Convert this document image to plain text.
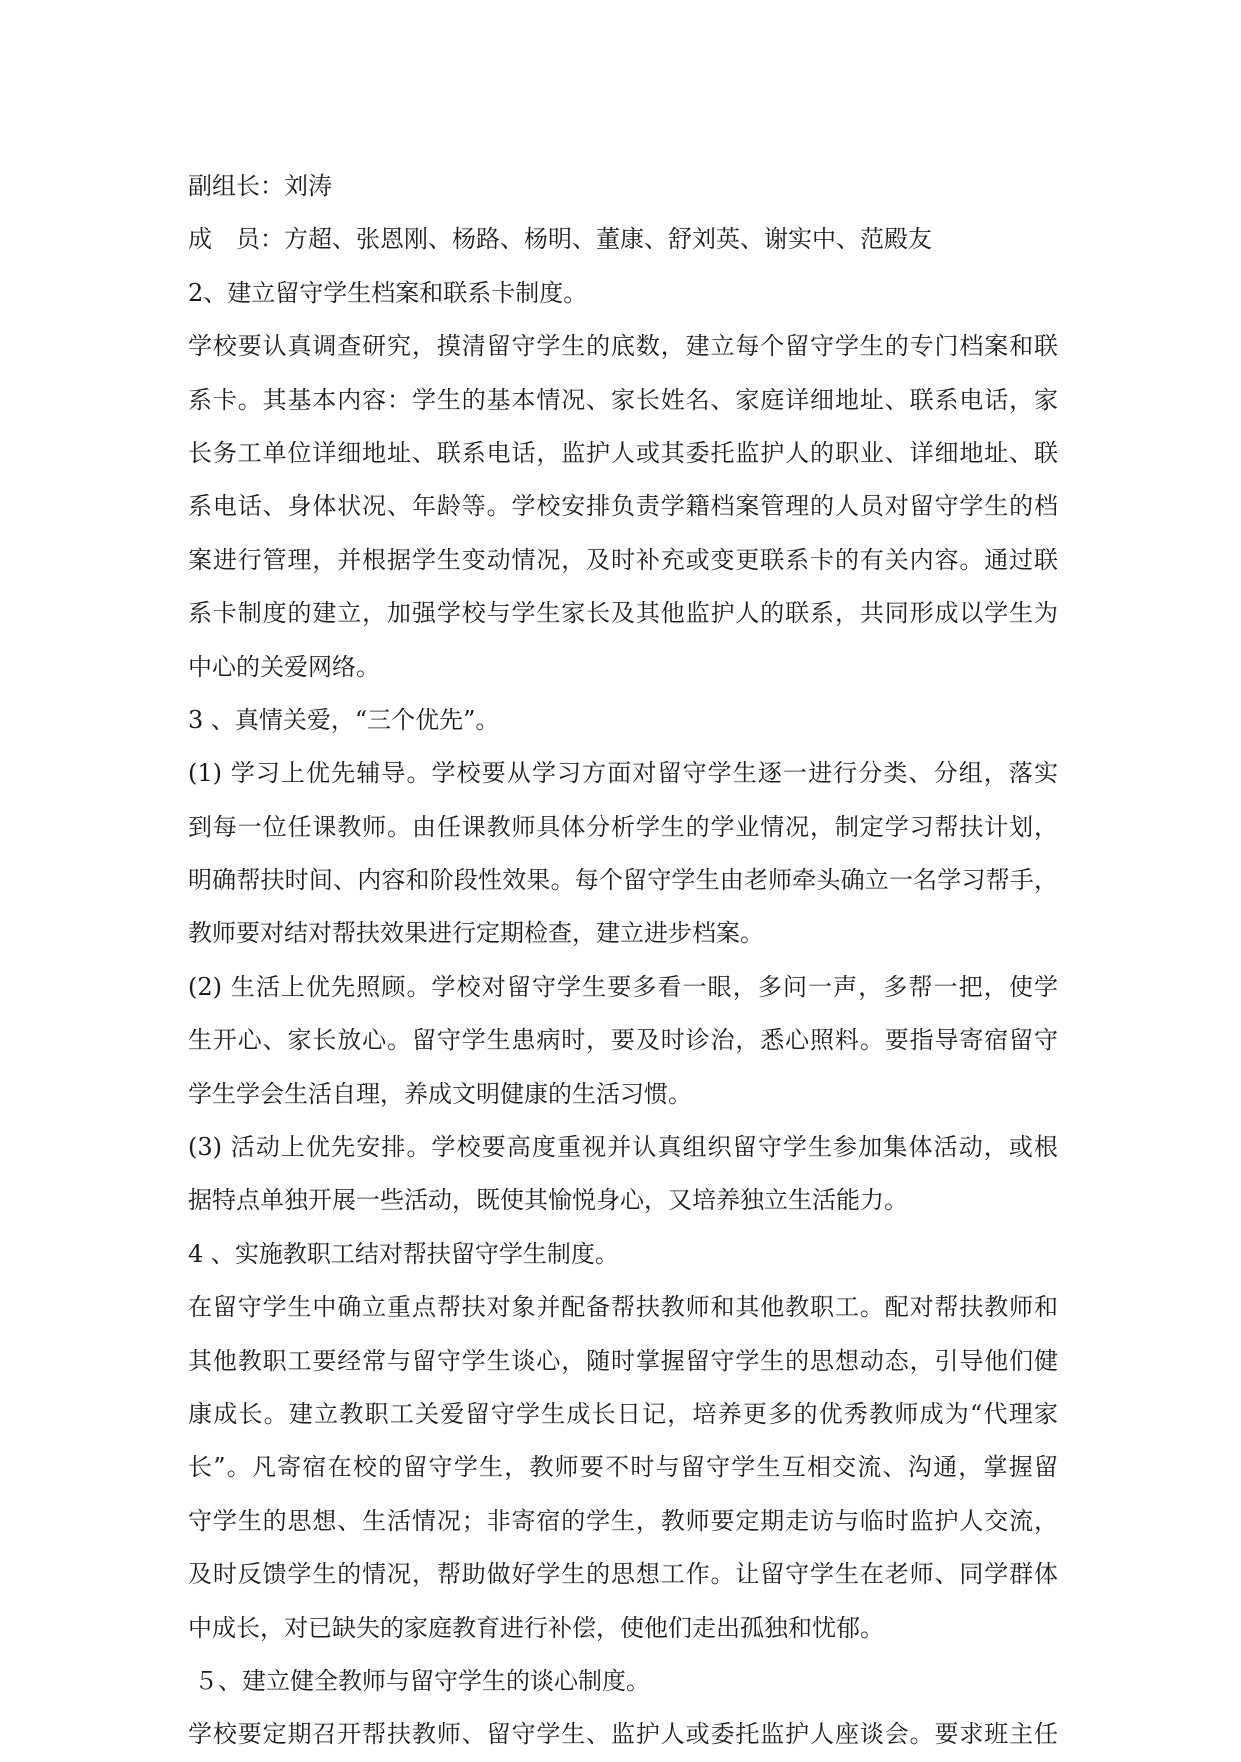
副组长：刘涛
成　员：方超、张恩刚、杨路、杨明、董康、舒刘英、谢实中、范殿友
2、建立留守学生档案和联系卡制度。
学校要认真调查研究，摸清留守学生的底数，建立每个留守学生的专门档案和联
系卡。其基本内容：学生的基本情况、家长姓名、家庭详细地址、联系电话，家
长务工单位详细地址、联系电话，监护人或其委托监护人的职业、详细地址、联
系电话、身体状况、年龄等。学校安排负责学籍档案管理的人员对留守学生的档
案进行管理，并根据学生变动情况，及时补充或变更联系卡的有关内容。通过联
系卡制度的建立，加强学校与学生家长及其他监护人的联系，共同形成以学生为
中心的关爱网络。
3 、真情关爱，“三个优先”。
(1) 学习上优先辅导。学校要从学习方面对留守学生逐一进行分类、分组，落实
到每一位任课教师。由任课教师具体分析学生的学业情况，制定学习帮扶计划，
明确帮扶时间、内容和阶段性效果。每个留守学生由老师牵头确立一名学习帮手，
教师要对结对帮扶效果进行定期检查，建立进步档案。
(2) 生活上优先照顾。学校对留守学生要多看一眼，多问一声，多帮一把，使学
生开心、家长放心。留守学生患病时，要及时诊治，悉心照料。要指导寄宿留守
学生学会生活自理，养成文明健康的生活习惯。
(3) 活动上优先安排。学校要高度重视并认真组织留守学生参加集体活动，或根
据特点单独开展一些活动，既使其愉悦身心，又培养独立生活能力。
4 、实施教职工结对帮扶留守学生制度。
在留守学生中确立重点帮扶对象并配备帮扶教师和其他教职工。配对帮扶教师和
其他教职工要经常与留守学生谈心，随时掌握留守学生的思想动态，引导他们健
康成长。建立教职工关爱留守学生成长日记，培养更多的优秀教师成为“代理家
长”。凡寄宿在校的留守学生，教师要不时与留守学生互相交流、沟通，掌握留
守学生的思想、生活情况；非寄宿的学生，教师要定期走访与临时监护人交流，
及时反馈学生的情况，帮助做好学生的思想工作。让留守学生在老师、同学群体
中成长，对已缺失的家庭教育进行补偿，使他们走出孤独和忧郁。
５、建立健全教师与留守学生的谈心制度。
学校要定期召开帮扶教师、留守学生、监护人或委托监护人座谈会。要求班主任
